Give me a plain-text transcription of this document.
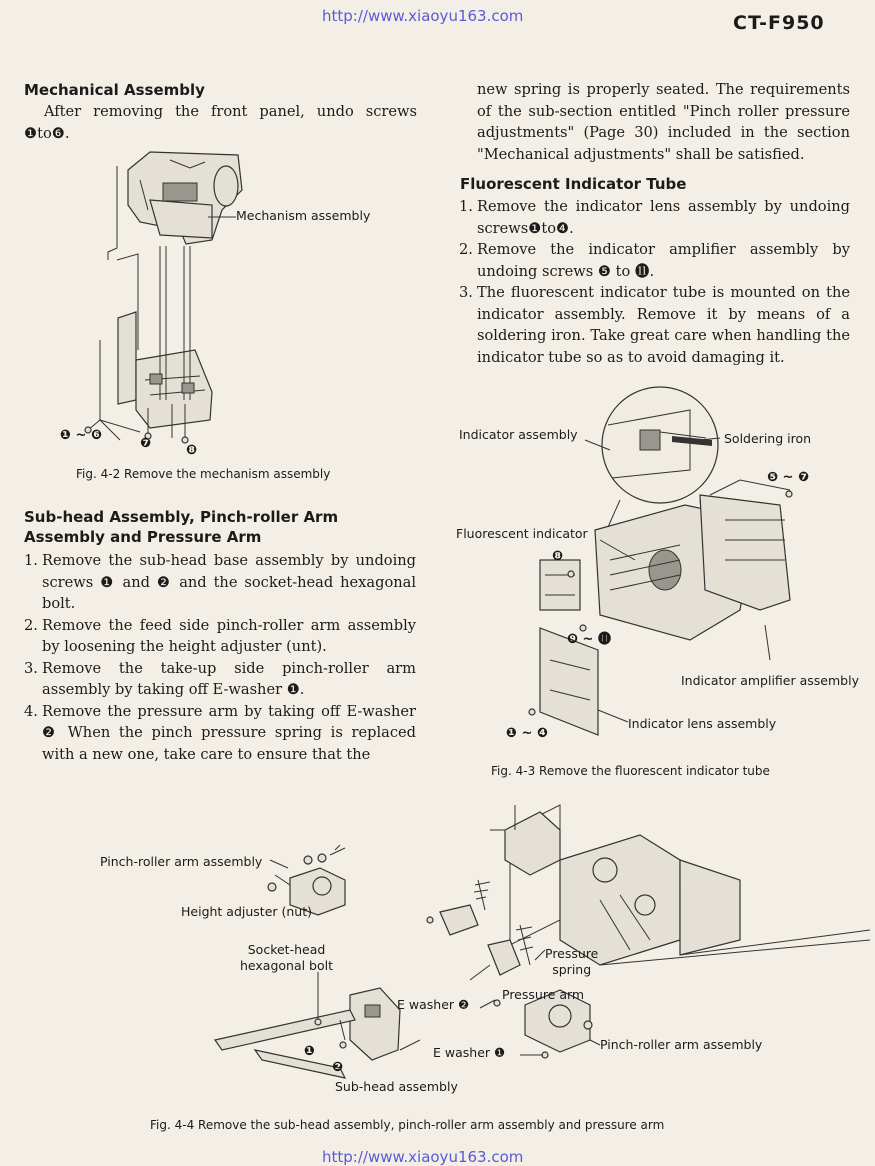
http://www.xiaoyu163.com	CT-F950
Mechanical Assembly
After removing the front panel, undo screws ❶to❻.
Mechanism assembly
❶ ~ ❻
❼	❽
Fig. 4-2 Remove the mechanism assembly
Sub-head Assembly, Pinch-roller Arm Assembly and Pressure Arm
1. Remove the sub-head base assembly by undoing screws ❶ and ❷ and the socket-head hexagonal bolt.
2. Remove the feed side pinch-roller arm assembly by loosening the height adjuster (unt).
3. Remove the take-up side pinch-roller arm assembly by taking off E-washer ❶.
4. Remove the pressure arm by taking off E-washer ❷ When the pinch pressure spring is replaced with a new one, take care to ensure that the
new spring is properly seated. The requirements of the sub-section entitled "Pinch roller pressure adjustments" (Page 30) included in the section "Mechanical adjustments" shall be satisfied.
Fluorescent Indicator Tube
1. Remove the indicator lens assembly by undoing screws❶to❹.
2. Remove the indicator amplifier assembly by undoing screws ❺ to ⓫.
3. The fluorescent indicator tube is mounted on the indicator assembly. Remove it by means of a soldering iron. Take great care when handling the indicator tube so as to avoid damaging it.
Indicator assembly	Soldering iron
❺ ~ ❼
Fluorescent indicator
❽
❾ ~ ⓫
Indicator amplifier assembly
Indicator lens assembly
❶ ~ ❹
Fig. 4-3 Remove the fluorescent indicator tube
Pinch-roller arm assembly
Height adjuster (nut)
Socket-head
hexagonal bolt
Pressure
spring
Pressure arm
E washer ❷
Pinch-roller arm assembly
E washer ❶
❶
❷
Sub-head assembly
Fig. 4-4 Remove the sub-head assembly, pinch-roller arm assembly and pressure arm
http://www.xiaoyu163.com
